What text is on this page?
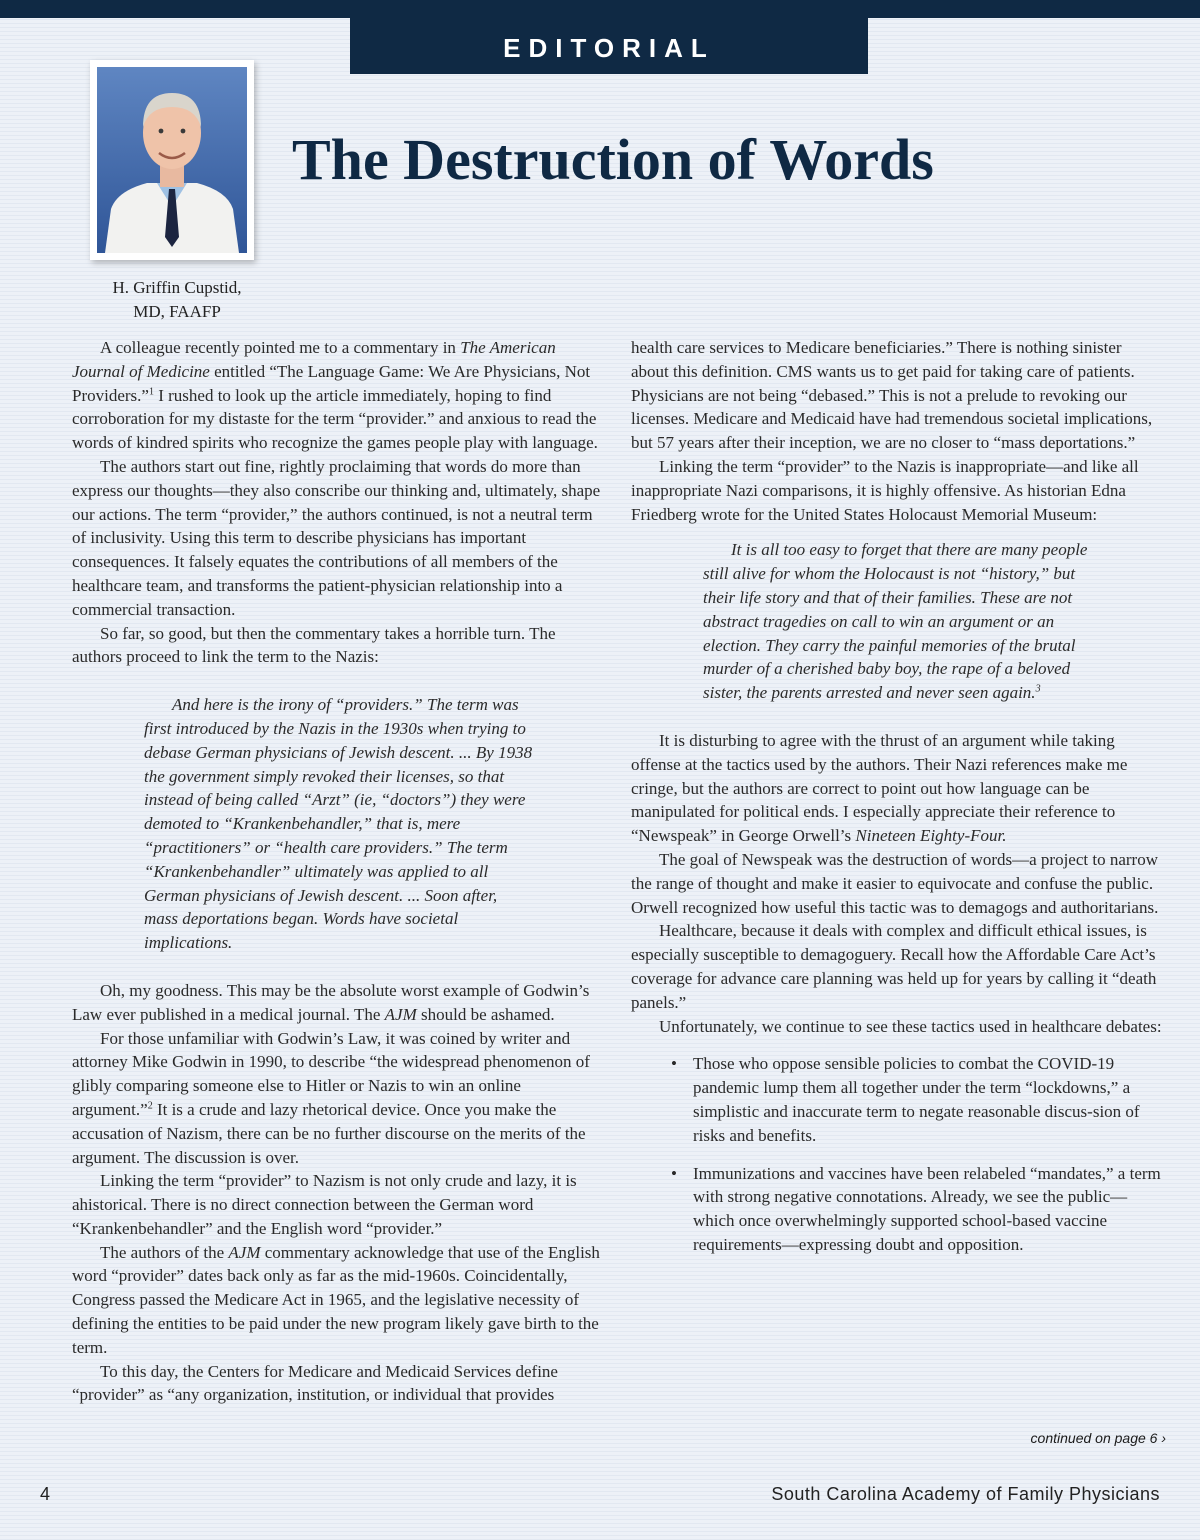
EDITORIAL
The Destruction of Words
H. Griffin Cupstid,
MD, FAAFP

A colleague recently pointed me to a commentary in The American Journal of Medicine entitled “The Language Game: We Are Physicians, Not Providers.”$^1$ I rushed to look up the article immediately, hoping to find corroboration for my distaste for the term “provider.” and anxious to read the words of kindred spirits who recognize the games people play with language.

The authors start out fine, rightly proclaiming that words do more than express our thoughts—they also conscribe our thinking and, ultimately, shape our actions. The term “provider,” the authors continued, is not a neutral term of inclusivity. Using this term to describe physicians has important consequences. It falsely equates the contributions of all members of the healthcare team, and transforms the patient-physician relationship into a commercial transaction.

So far, so good, but then the commentary takes a horrible turn. The authors proceed to link the term to the Nazis:

And here is the irony of “providers.” The term was first introduced by the Nazis in the 1930s when trying to debase German physicians of Jewish descent. ... By 1938 the government simply revoked their licenses, so that instead of being called “Arzt” (ie, “doctors”) they were demoted to “Krankenbehandler,” that is, mere “practitioners” or “health care providers.” The term “Krankenbehandler” ultimately was applied to all German physicians of Jewish descent. ... Soon after, mass deportations began. Words have societal implications.

Oh, my goodness. This may be the absolute worst example of Godwin’s Law ever published in a medical journal. The AJM should be ashamed.

For those unfamiliar with Godwin’s Law, it was coined by writer and attorney Mike Godwin in 1990, to describe “the widespread phenomenon of glibly comparing someone else to Hitler or Nazis to win an online argument.”$^2$ It is a crude and lazy rhetorical device. Once you make the accusation of Nazism, there can be no further discourse on the merits of the argument. The discussion is over.

Linking the term “provider” to Nazism is not only crude and lazy, it is ahistorical. There is no direct connection between the German word “Krankenbehandler” and the English word “provider.”

The authors of the AJM commentary acknowledge that use of the English word “provider” dates back only as far as the mid-1960s. Coincidentally, Congress passed the Medicare Act in 1965, and the legislative necessity of defining the entities to be paid under the new program likely gave birth to the term.

To this day, the Centers for Medicare and Medicaid Services define “provider” as “any organization, institution, or individual that provides

health care services to Medicare beneficiaries.” There is nothing sinister about this definition. CMS wants us to get paid for taking care of patients. Physicians are not being “debased.” This is not a prelude to revoking our licenses. Medicare and Medicaid have had tremendous societal implications, but 57 years after their inception, we are no closer to “mass deportations.”

Linking the term “provider” to the Nazis is inappropriate—and like all inappropriate Nazi comparisons, it is highly offensive. As historian Edna Friedberg wrote for the United States Holocaust Memorial Museum:

It is all too easy to forget that there are many people still alive for whom the Holocaust is not “history,” but their life story and that of their families. These are not abstract tragedies on call to win an argument or an election. They carry the painful memories of the brutal murder of a cherished baby boy, the rape of a beloved sister, the parents arrested and never seen again.$^3$

It is disturbing to agree with the thrust of an argument while taking offense at the tactics used by the authors. Their Nazi references make me cringe, but the authors are correct to point out how language can be manipulated for political ends. I especially appreciate their reference to “Newspeak” in George Orwell’s Nineteen Eighty-Four.

The goal of Newspeak was the destruction of words—a project to narrow the range of thought and make it easier to equivocate and confuse the public. Orwell recognized how useful this tactic was to demagogs and authoritarians.

Healthcare, because it deals with complex and difficult ethical issues, is especially susceptible to demagoguery. Recall how the Affordable Care Act’s coverage for advance care planning was held up for years by calling it “death panels.”

Unfortunately, we continue to see these tactics used in healthcare debates:

• Those who oppose sensible policies to combat the COVID-19 pandemic lump them all together under the term “lockdowns,” a simplistic and inaccurate term to negate reasonable discus-sion of risks and benefits.
• Immunizations and vaccines have been relabeled “mandates,” a term with strong negative connotations. Already, we see the public—which once overwhelmingly supported school-based vaccine requirements—expressing doubt and opposition.
continued on page 6 ›
4	South Carolina Academy of Family Physicians
